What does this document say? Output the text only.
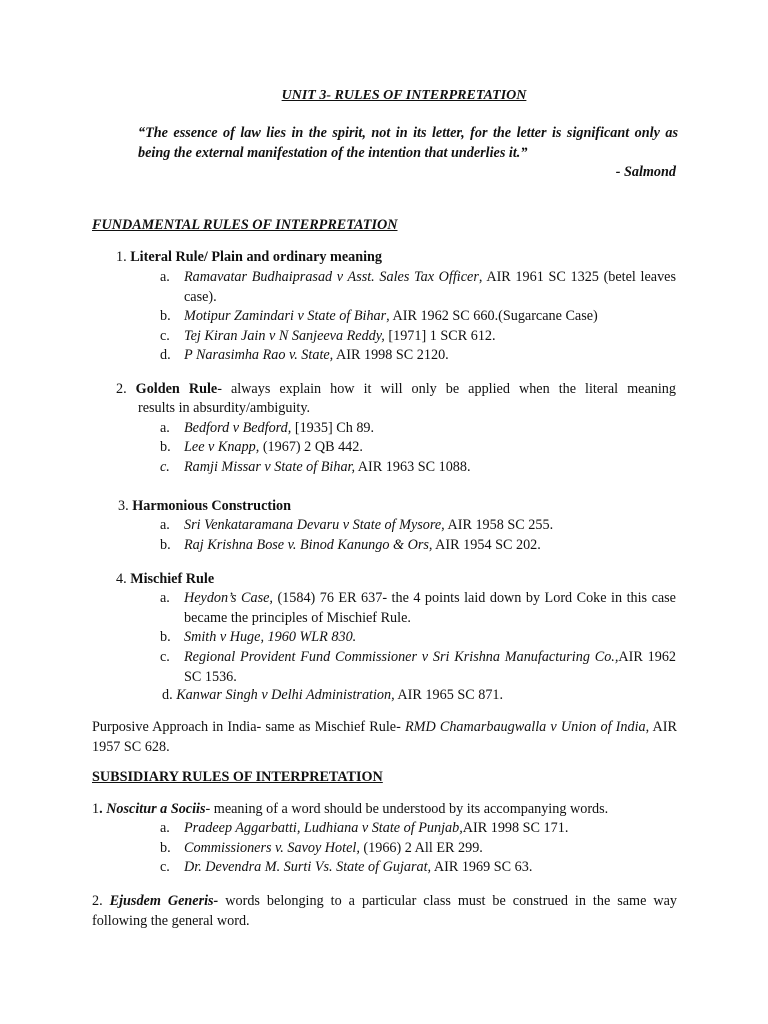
UNIT 3- RULES OF INTERPRETATION
“The essence of law lies in the spirit, not in its letter, for the letter is significant only as being the external manifestation of the intention that underlies it.”
- Salmond
FUNDAMENTAL RULES OF INTERPRETATION
1. Literal Rule/ Plain and ordinary meaning
a. Ramavatar Budhaiprasad v Asst. Sales Tax Officer, AIR 1961 SC 1325 (betel leaves case).
b. Motipur Zamindari v State of Bihar, AIR 1962 SC 660.(Sugarcane Case)
c. Tej Kiran Jain v N Sanjeeva Reddy, [1971] 1 SCR 612.
d. P Narasimha Rao v. State, AIR 1998 SC 2120.
2. Golden Rule- always explain how it will only be applied when the literal meaning
results in absurdity/ambiguity.
a. Bedford v Bedford, [1935] Ch 89.
b. Lee v Knapp, (1967) 2 QB 442.
c. Ramji Missar v State of Bihar, AIR 1963 SC 1088.
3. Harmonious Construction
a. Sri Venkataramana Devaru v State of Mysore, AIR 1958 SC 255.
b. Raj Krishna Bose v. Binod Kanungo & Ors, AIR 1954 SC 202.
4. Mischief Rule
a. Heydon’s Case, (1584) 76 ER 637- the 4 points laid down by Lord Coke in this case became the principles of Mischief Rule.
b. Smith v Huge, 1960 WLR 830.
c. Regional Provident Fund Commissioner v Sri Krishna Manufacturing Co.,AIR 1962 SC 1536.
d. Kanwar Singh v Delhi Administration, AIR 1965 SC 871.
Purposive Approach in India- same as Mischief Rule- RMD Chamarbaugwalla v Union of India, AIR 1957 SC 628.
SUBSIDIARY RULES OF INTERPRETATION
1. Noscitur a Sociis- meaning of a word should be understood by its accompanying words.
a. Pradeep Aggarbatti, Ludhiana v State of Punjab,AIR 1998 SC 171.
b. Commissioners v. Savoy Hotel, (1966) 2 All ER 299.
c. Dr. Devendra M. Surti Vs. State of Gujarat, AIR 1969 SC 63.
2. Ejusdem Generis- words belonging to a particular class must be construed in the same way
following the general word.
